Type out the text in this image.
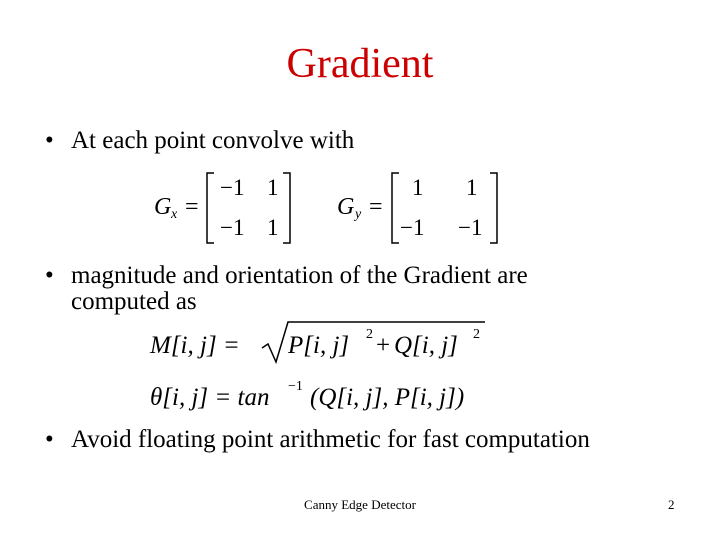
Gradient
• At each point convolve with
G x =
−1 1
−1 1
G y =
1 1
−1 −1
• magnitude and orientation of the Gradient are
computed as
M[i, j] = P[i, j] 2 + Q[i, j] 2
θ[i, j] = tan −1 (Q[i, j], P[i, j])
• Avoid floating point arithmetic for fast computation
Canny Edge Detector	2
